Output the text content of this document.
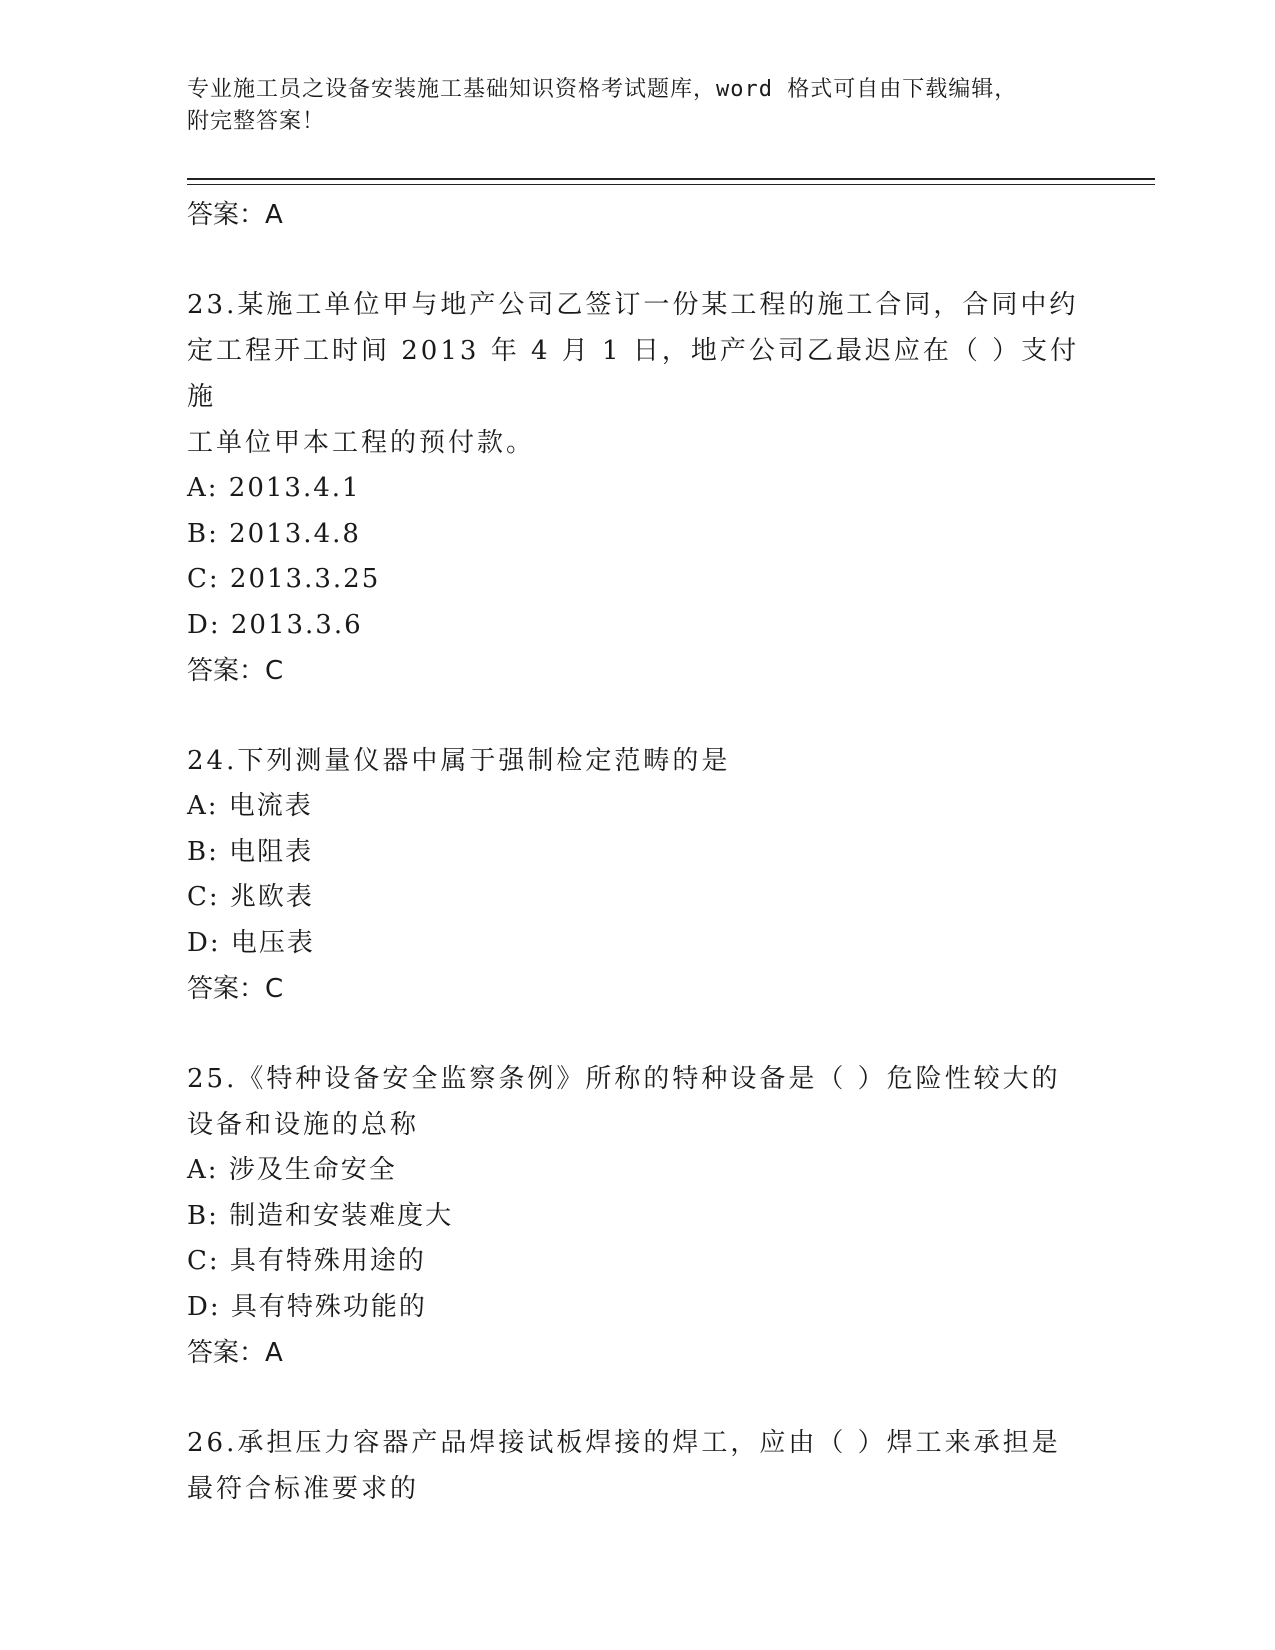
专业施工员之设备安装施工基础知识资格考试题库，word 格式可自由下载编辑，
附完整答案！

答案：A

23.某施工单位甲与地产公司乙签订一份某工程的施工合同，合同中约

定工程开工时间 2013 年 4 月 1 日，地产公司乙最迟应在（ ）支付施

工单位甲本工程的预付款。

A: 2013.4.1

B: 2013.4.8

C: 2013.3.25

D: 2013.3.6

答案：C

24.下列测量仪器中属于强制检定范畴的是

A: 电流表

B: 电阻表

C: 兆欧表

D: 电压表

答案：C

25.《特种设备安全监察条例》所称的特种设备是（ ）危险性较大的

设备和设施的总称

A: 涉及生命安全

B: 制造和安装难度大

C: 具有特殊用途的

D: 具有特殊功能的

答案：A

26.承担压力容器产品焊接试板焊接的焊工，应由（ ）焊工来承担是

最符合标准要求的
